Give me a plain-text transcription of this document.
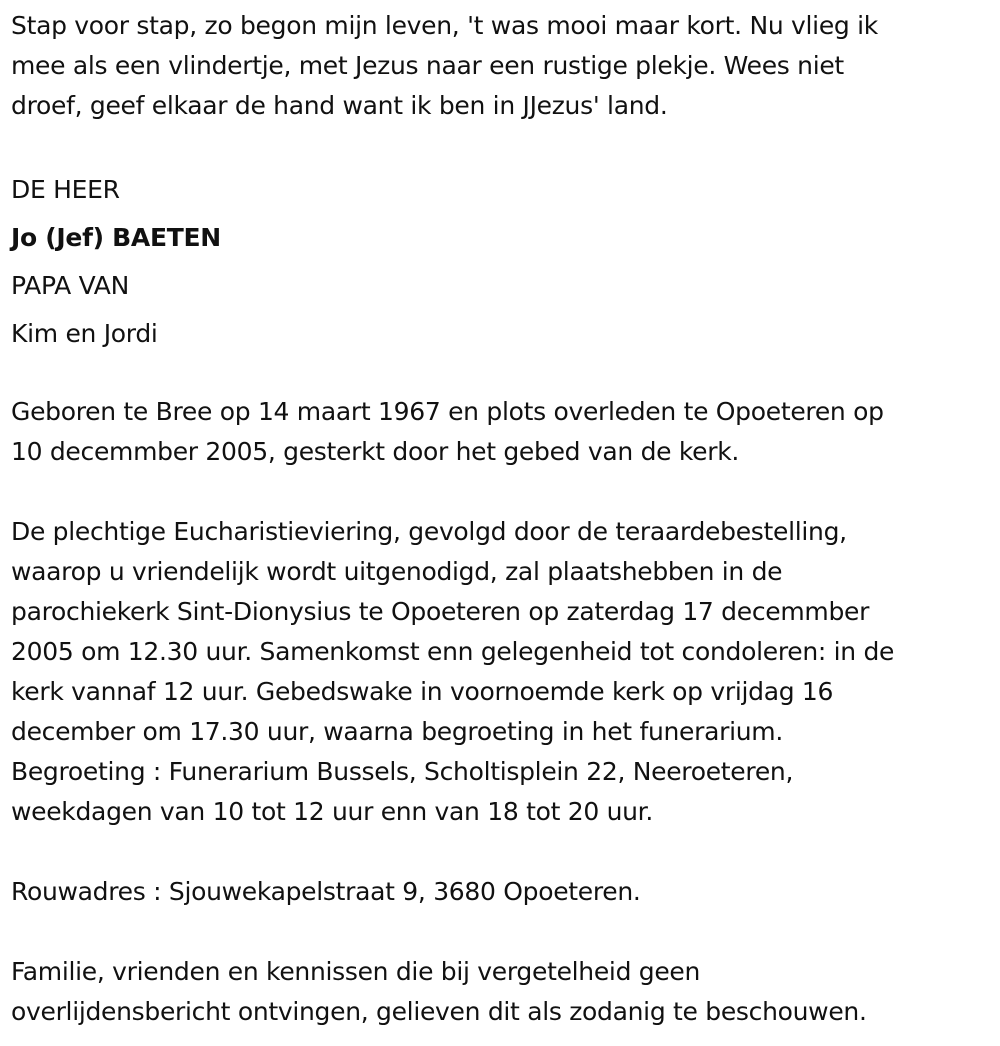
Stap voor stap, zo begon mijn leven, 't was mooi maar kort. Nu vlieg ik

mee als een vlindertje, met Jezus naar een rustige plekje. Wees niet

droef, geef elkaar de hand want ik ben in JJezus' land.

DE HEER

Jo (Jef) BAETEN

PAPA VAN

Kim en Jordi

Geboren te Bree op 14 maart 1967 en plots overleden te Opoeteren op

10 decemmber 2005, gesterkt door het gebed van de kerk.

De plechtige Eucharistieviering, gevolgd door de teraardebestelling,

waarop u vriendelijk wordt uitgenodigd, zal plaatshebben in de

parochiekerk Sint-Dionysius te Opoeteren op zaterdag 17 decemmber

2005 om 12.30 uur. Samenkomst enn gelegenheid tot condoleren: in de

kerk vannaf 12 uur. Gebedswake in voornoemde kerk op vrijdag 16

december om 17.30 uur, waarna begroeting in het funerarium.

Begroeting : Funerarium Bussels, Scholtisplein 22, Neeroeteren,

weekdagen van 10 tot 12 uur enn van 18 tot 20 uur.

Rouwadres : Sjouwekapelstraat 9, 3680 Opoeteren.

Familie, vrienden en kennissen die bij vergetelheid geen

overlijdensbericht ontvingen, gelieven dit als zodanig te beschouwen.
